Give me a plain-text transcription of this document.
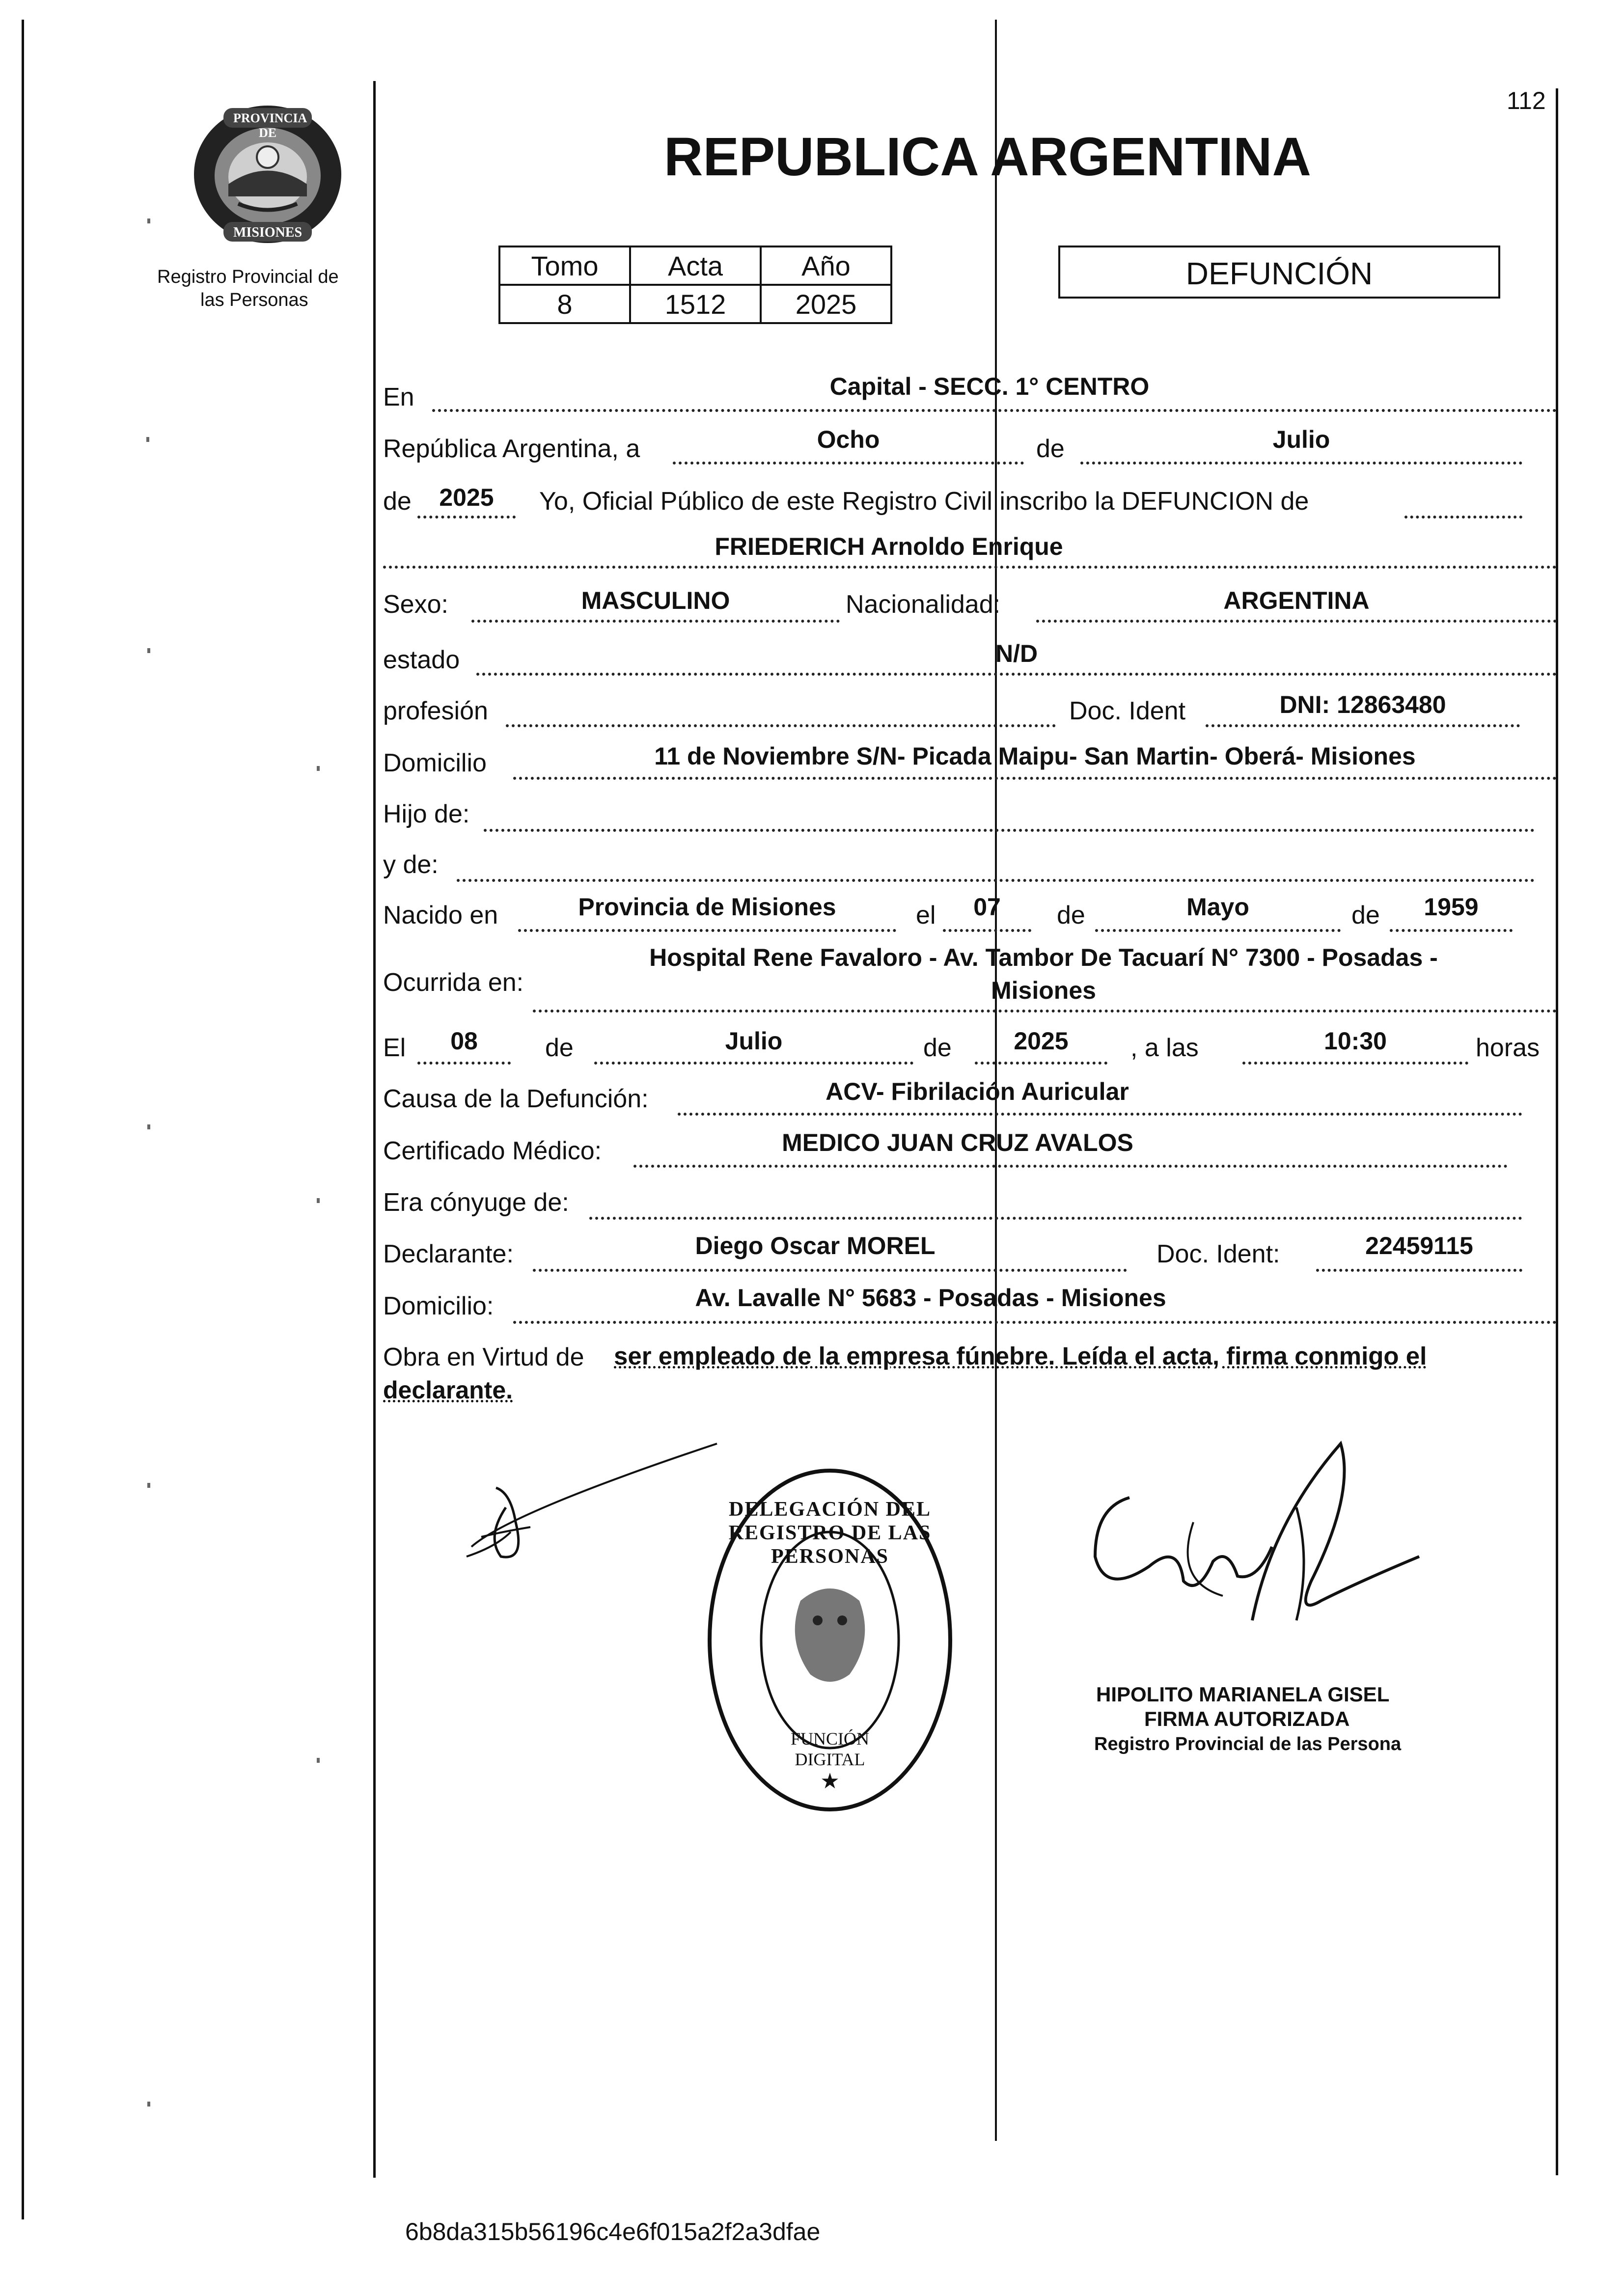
112
PROVINCIA DE
MISIONES
Registro Provincial de
las Personas
REPUBLICA ARGENTINA
Tomo	Acta	Año
8	1512	2025
DEFUNCIÓN
En	Capital - SECC. 1° CENTRO
República Argentina, a	Ocho	de	Julio
de	2025	Yo, Oficial Público de este Registro Civil inscribo la DEFUNCION de
FRIEDERICH Arnoldo Enrique
Sexo:	MASCULINO	Nacionalidad:	ARGENTINA
estado	N/D
profesión	Doc. Ident	DNI: 12863480
Domicilio	11 de Noviembre S/N- Picada Maipu- San Martin- Oberá- Misiones
Hijo de:
y de:
Nacido en	Provincia de Misiones	el	07	de	Mayo	de	1959
Ocurrida en:
Hospital Rene Favaloro - Av. Tambor De Tacuarí N° 7300 - Posadas -
Misiones
El	08	de	Julio	de	2025	, a las	10:30	horas
Causa de la Defunción:	ACV- Fibrilación Auricular
Certificado Médico:	MEDICO JUAN CRUZ AVALOS
Era cónyuge de:
Declarante:	Diego Oscar MOREL	Doc. Ident:	22459115
Domicilio:	Av. Lavalle N° 5683 - Posadas - Misiones
Obra en Virtud de ser empleado de la empresa fúnebre. Leída el acta, firma conmigo el
declarante.
DELEGACIÓN DEL REGISTRO DE LAS PERSONAS
FUNCIÓN DIGITAL
★
HIPOLITO MARIANELA GISEL
FIRMA AUTORIZADA
Registro Provincial de las Persona
6b8da315b56196c4e6f015a2f2a3dfae
